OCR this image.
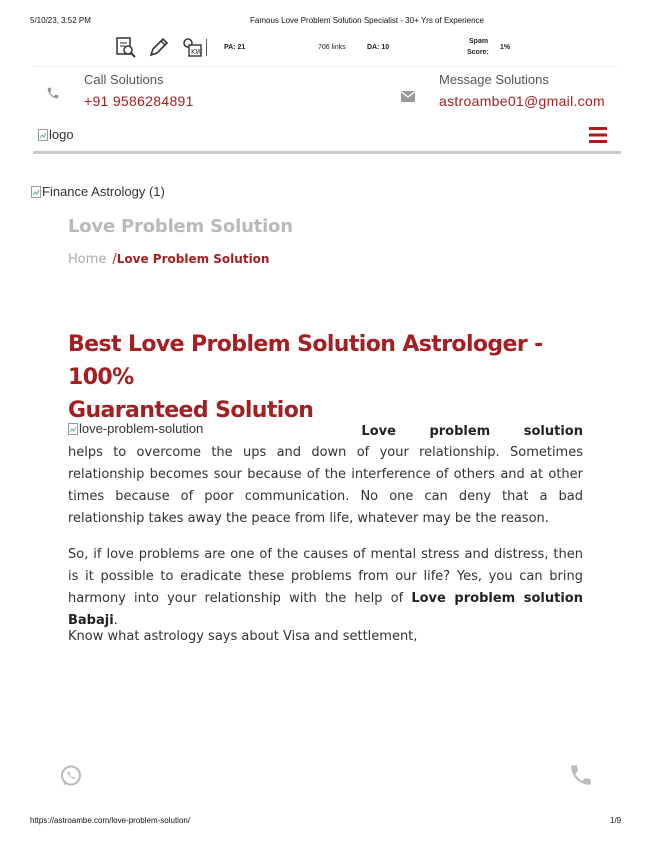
5/10/23, 3:52 PM	Famous Love Problem Solution Specialist - 30+ Yrs of Experience
KW
PA: 21	706 links	DA: 10
Spam
Score:
1%
Call Solutions
+91 9586284891
Message Solutions
astroambe01@gmail.com
logo
Finance Astrology (1)
Love Problem Solution
Home /Love Problem Solution
Best Love Problem Solution Astrologer - 100%
Guaranteed Solution
love-problem-solution	Love problem solution
helps to overcome the ups and down of your relationship. Sometimes relationship becomes sour because of the interference of others and at other times because of poor communication. No one can deny that a bad relationship takes away the peace from life, whatever may be the reason.
So, if love problems are one of the causes of mental stress and distress, then is it possible to eradicate these problems from our life? Yes, you can bring harmony into your relationship with the help of Love problem solution Babaji.
Know what astrology says about Visa and settlement,
https://astroambe.com/love-problem-solution/	1/9
